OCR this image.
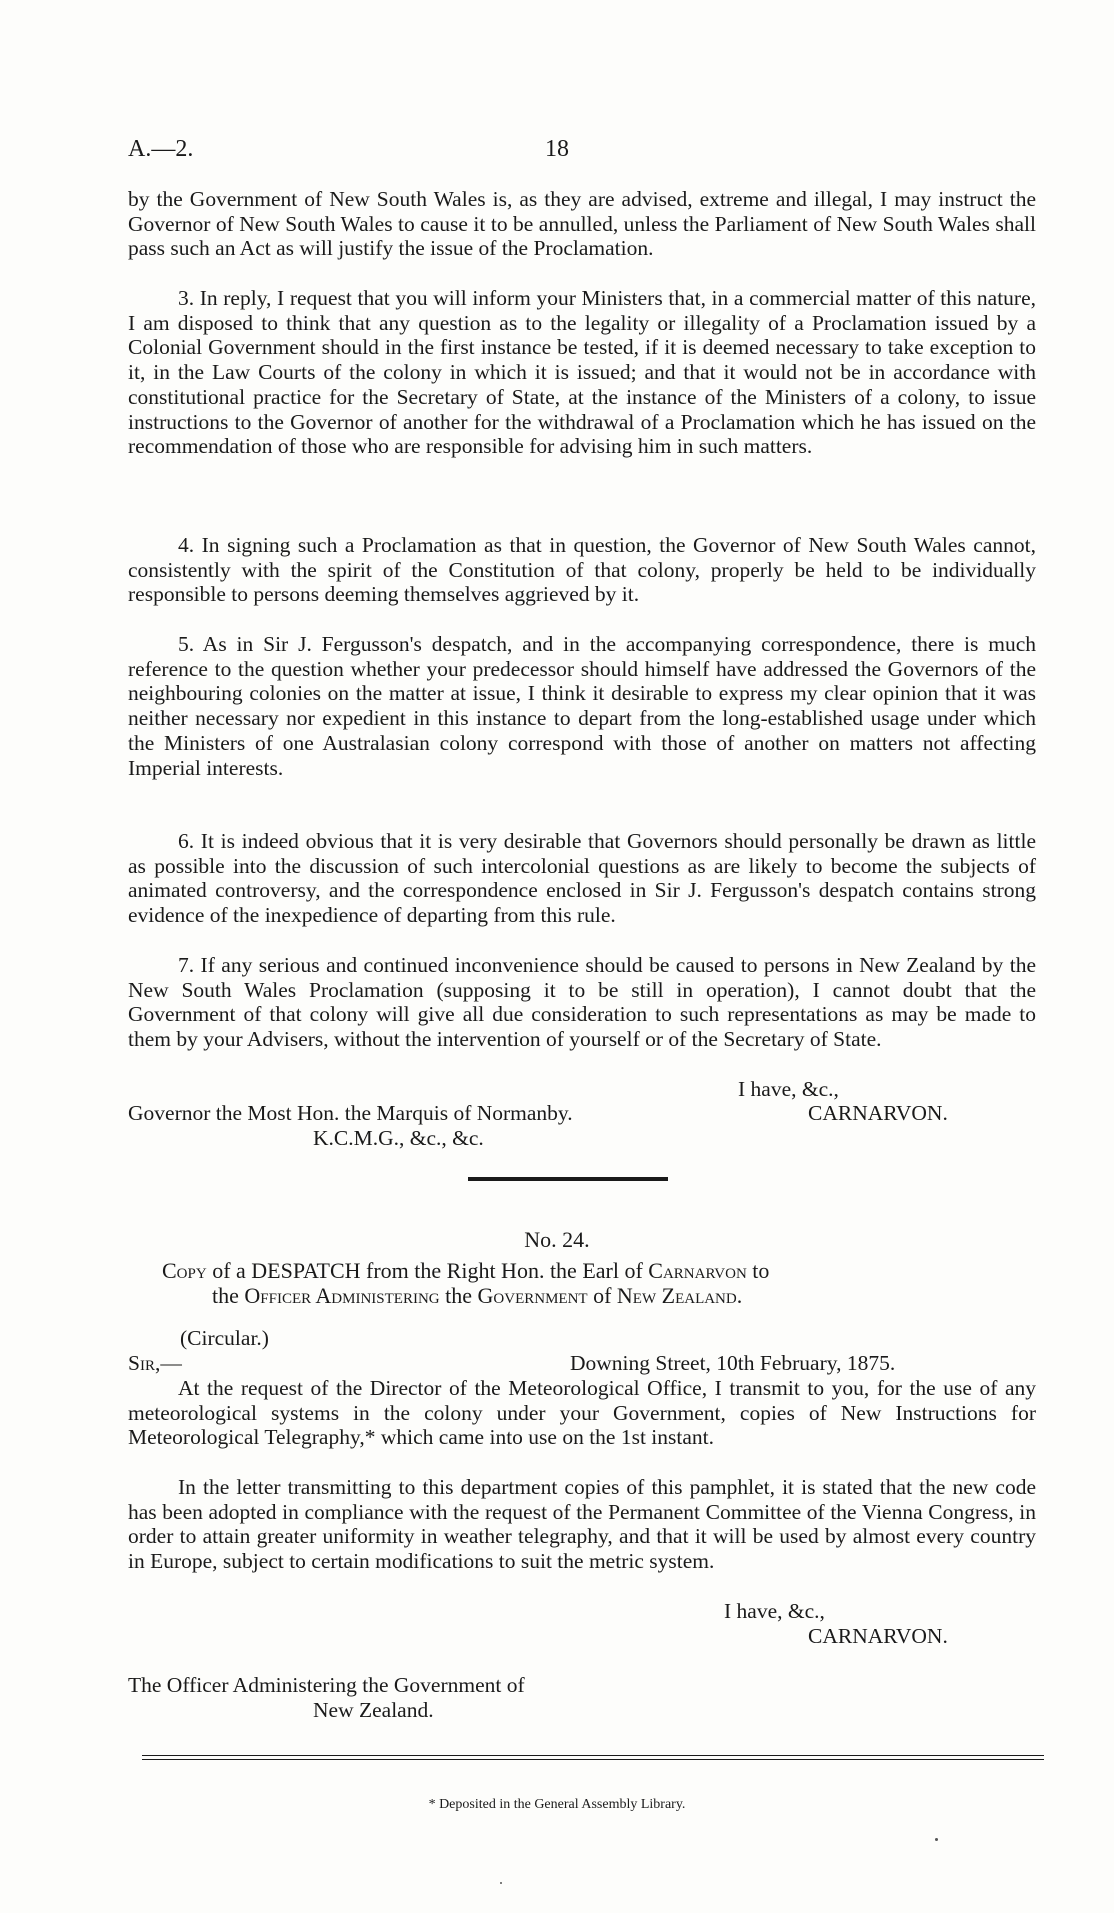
A.—2.	18

by the Government of New South Wales is, as they are advised, extreme and illegal, I may instruct the Governor of New South Wales to cause it to be annulled, unless the Parliament of New South Wales shall pass such an Act as will justify the issue of the Proclamation.

3. In reply, I request that you will inform your Ministers that, in a commercial matter of this nature, I am disposed to think that any question as to the legality or illegality of a Proclamation issued by a Colonial Government should in the first instance be tested, if it is deemed necessary to take exception to it, in the Law Courts of the colony in which it is issued; and that it would not be in accordance with constitutional practice for the Secretary of State, at the instance of the Ministers of a colony, to issue instructions to the Governor of another for the withdrawal of a Proclamation which he has issued on the recommendation of those who are responsible for advising him in such matters.

4. In signing such a Proclamation as that in question, the Governor of New South Wales cannot, consistently with the spirit of the Constitution of that colony, properly be held to be individually responsible to persons deeming themselves aggrieved by it.

5. As in Sir J. Fergusson's despatch, and in the accompanying correspondence, there is much reference to the question whether your predecessor should himself have addressed the Governors of the neighbouring colonies on the matter at issue, I think it desirable to express my clear opinion that it was neither necessary nor expedient in this instance to depart from the long-established usage under which the Ministers of one Australasian colony correspond with those of another on matters not affecting Imperial interests.

6. It is indeed obvious that it is very desirable that Governors should personally be drawn as little as possible into the discussion of such intercolonial questions as are likely to become the subjects of animated controversy, and the correspondence enclosed in Sir J. Fergusson's despatch contains strong evidence of the inexpedience of departing from this rule.

7. If any serious and continued inconvenience should be caused to persons in New Zealand by the New South Wales Proclamation (supposing it to be still in operation), I cannot doubt that the Government of that colony will give all due consideration to such representations as may be made to them by your Advisers, without the intervention of yourself or of the Secretary of State.

I have, &c.,
Governor the Most Hon. the Marquis of Normanby.	CARNARVON.
K.C.M.G., &c., &c.
No. 24.
Copy of a DESPATCH from the Right Hon. the Earl of Carnarvon to
the Officer Administering the Government of New Zealand.
(Circular.)
Sir,—	Downing Street, 10th February, 1875.

At the request of the Director of the Meteorological Office, I transmit to you, for the use of any meteorological systems in the colony under your Government, copies of New Instructions for Meteorological Telegraphy,* which came into use on the 1st instant.

In the letter transmitting to this department copies of this pamphlet, it is stated that the new code has been adopted in compliance with the request of the Permanent Committee of the Vienna Congress, in order to attain greater uniformity in weather telegraphy, and that it will be used by almost every country in Europe, subject to certain modifications to suit the metric system.

I have, &c.,
CARNARVON.
The Officer Administering the Government of
New Zealand.
* Deposited in the General Assembly Library.
